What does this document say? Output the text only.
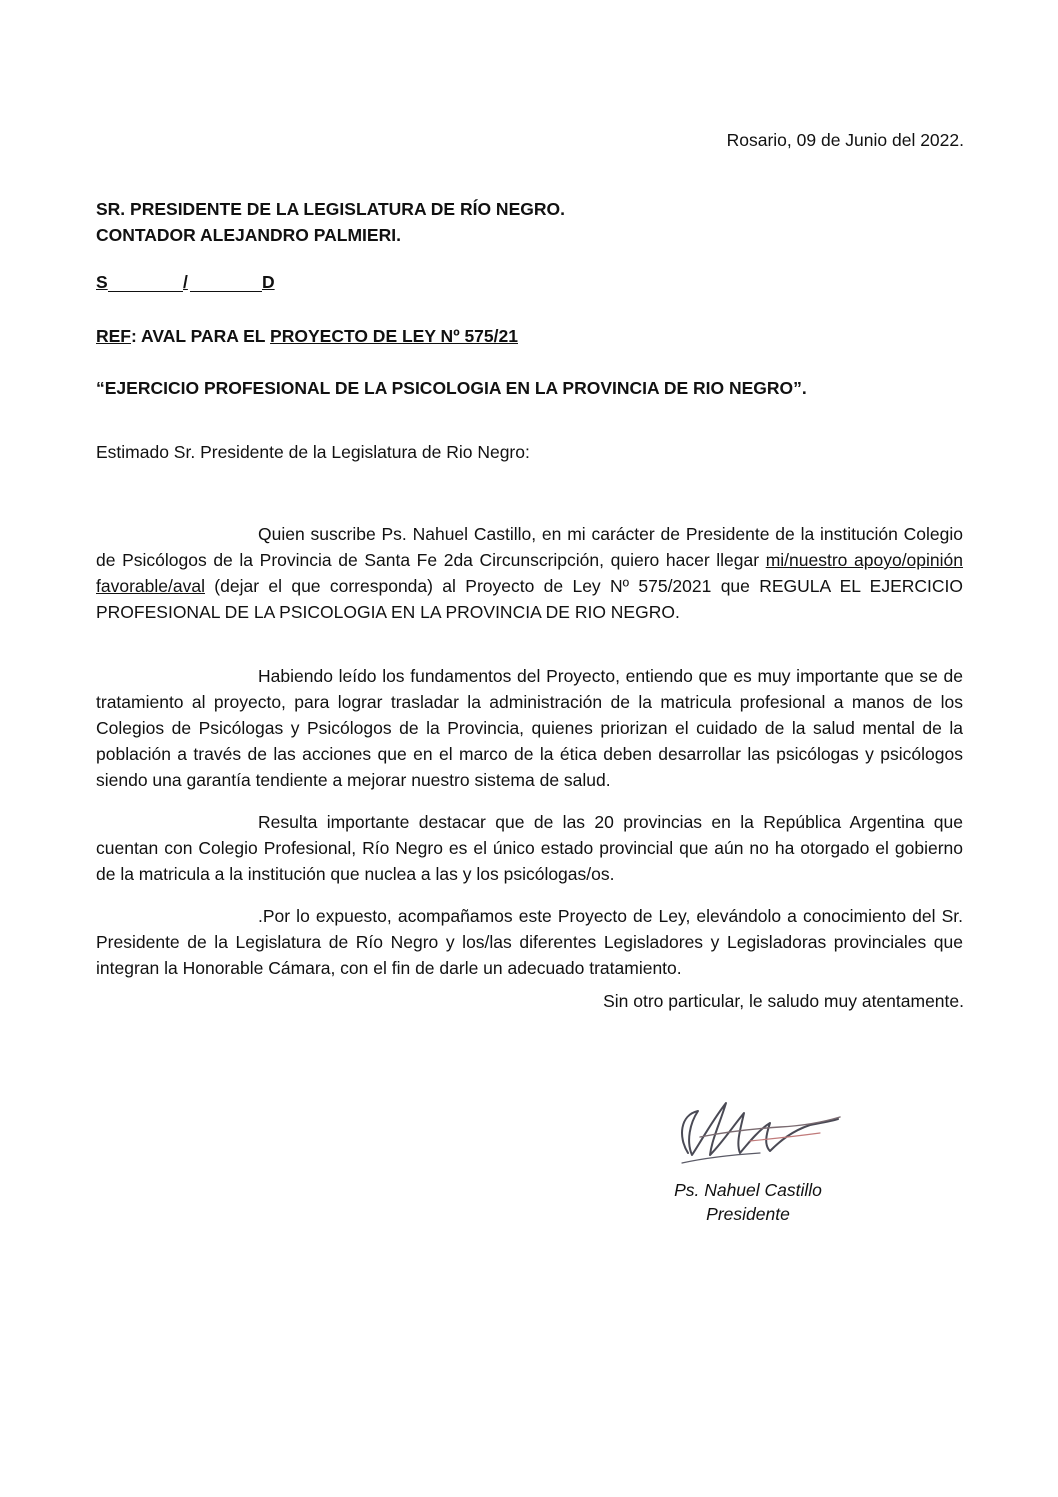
Rosario, 09 de Junio del 2022.
SR. PRESIDENTE DE LA LEGISLATURA DE RÍO NEGRO.
CONTADOR ALEJANDRO PALMIERI.
S	/	D
REF: AVAL PARA EL PROYECTO DE LEY Nº 575/21
“EJERCICIO PROFESIONAL DE LA PSICOLOGIA EN LA PROVINCIA DE RIO NEGRO”.
Estimado Sr. Presidente de la Legislatura de Rio Negro:

Quien suscribe Ps. Nahuel Castillo, en mi carácter de Presidente de la institución Colegio de Psicólogos de la Provincia de Santa Fe 2da Circunscripción, quiero hacer llegar mi/nuestro apoyo/opinión favorable/aval (dejar el que corresponda) al Proyecto de Ley Nº 575/2021 que REGULA EL EJERCICIO PROFESIONAL DE LA PSICOLOGIA EN LA PROVINCIA DE RIO NEGRO.

Habiendo leído los fundamentos del Proyecto, entiendo que es muy importante que se de tratamiento al proyecto, para lograr trasladar la administración de la matricula profesional a manos de los Colegios de Psicólogas y Psicólogos de la Provincia, quienes priorizan el cuidado de la salud mental de la población a través de las acciones que en el marco de la ética deben desarrollar las psicólogas y psicólogos siendo una garantía tendiente a mejorar nuestro sistema de salud.

Resulta importante destacar que de las 20 provincias en la República Argentina que cuentan con Colegio Profesional, Río Negro es el único estado provincial que aún no ha otorgado el gobierno de la matricula a la institución que nuclea a las y los psicólogas/os.

.Por lo expuesto, acompañamos este Proyecto de Ley, elevándolo a conocimiento del Sr. Presidente de la Legislatura de Río Negro y los/las diferentes Legisladores y Legisladoras provinciales que integran la Honorable Cámara, con el fin de darle un adecuado tratamiento.

Sin otro particular, le saludo muy atentamente.
Ps. Nahuel Castillo
Presidente
